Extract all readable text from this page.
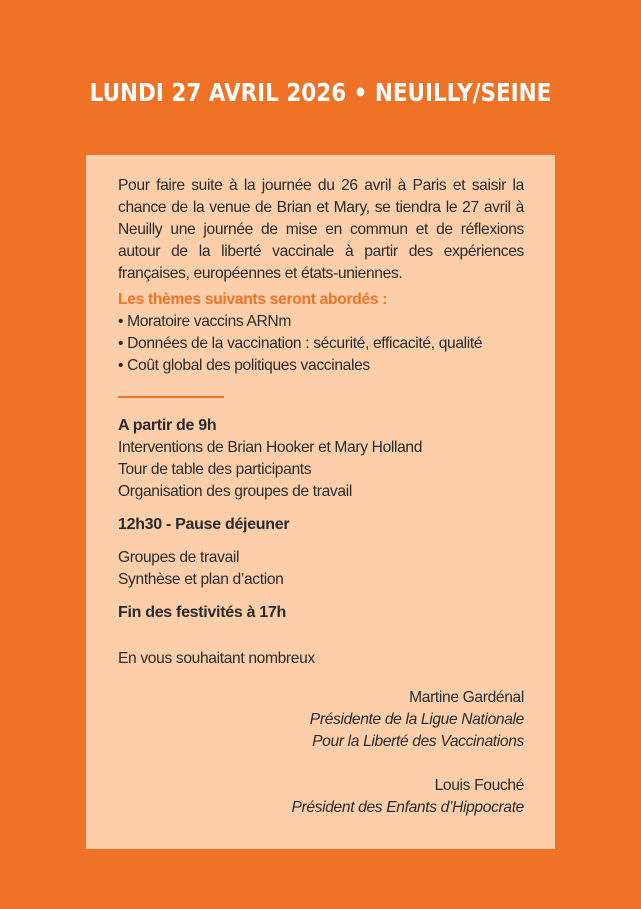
LUNDI 27 AVRIL 2026 • NEUILLY/SEINE

Pour faire suite à la journée du 26 avril à Paris et saisir la chance de la venue de Brian et Mary, se tiendra le 27 avril à Neuilly une journée de mise en commun et de réflexions autour de la liberté vaccinale à partir des expériences françaises, européennes et états-uniennes.

Les thèmes suivants seront abordés :

• Moratoire vaccins ARNm
• Données de la vaccination : sécurité, efficacité, qualité
• Coût global des politiques vaccinales

A partir de 9h

Interventions de Brian Hooker et Mary Holland

Tour de table des participants

Organisation des groupes de travail

12h30 - Pause déjeuner

Groupes de travail

Synthèse et plan d’action

Fin des festivités à 17h

En vous souhaitant nombreux

Martine Gardénal

Présidente de la Ligue Nationale

Pour la Liberté des Vaccinations

Louis Fouché

Président des Enfants d’Hippocrate
